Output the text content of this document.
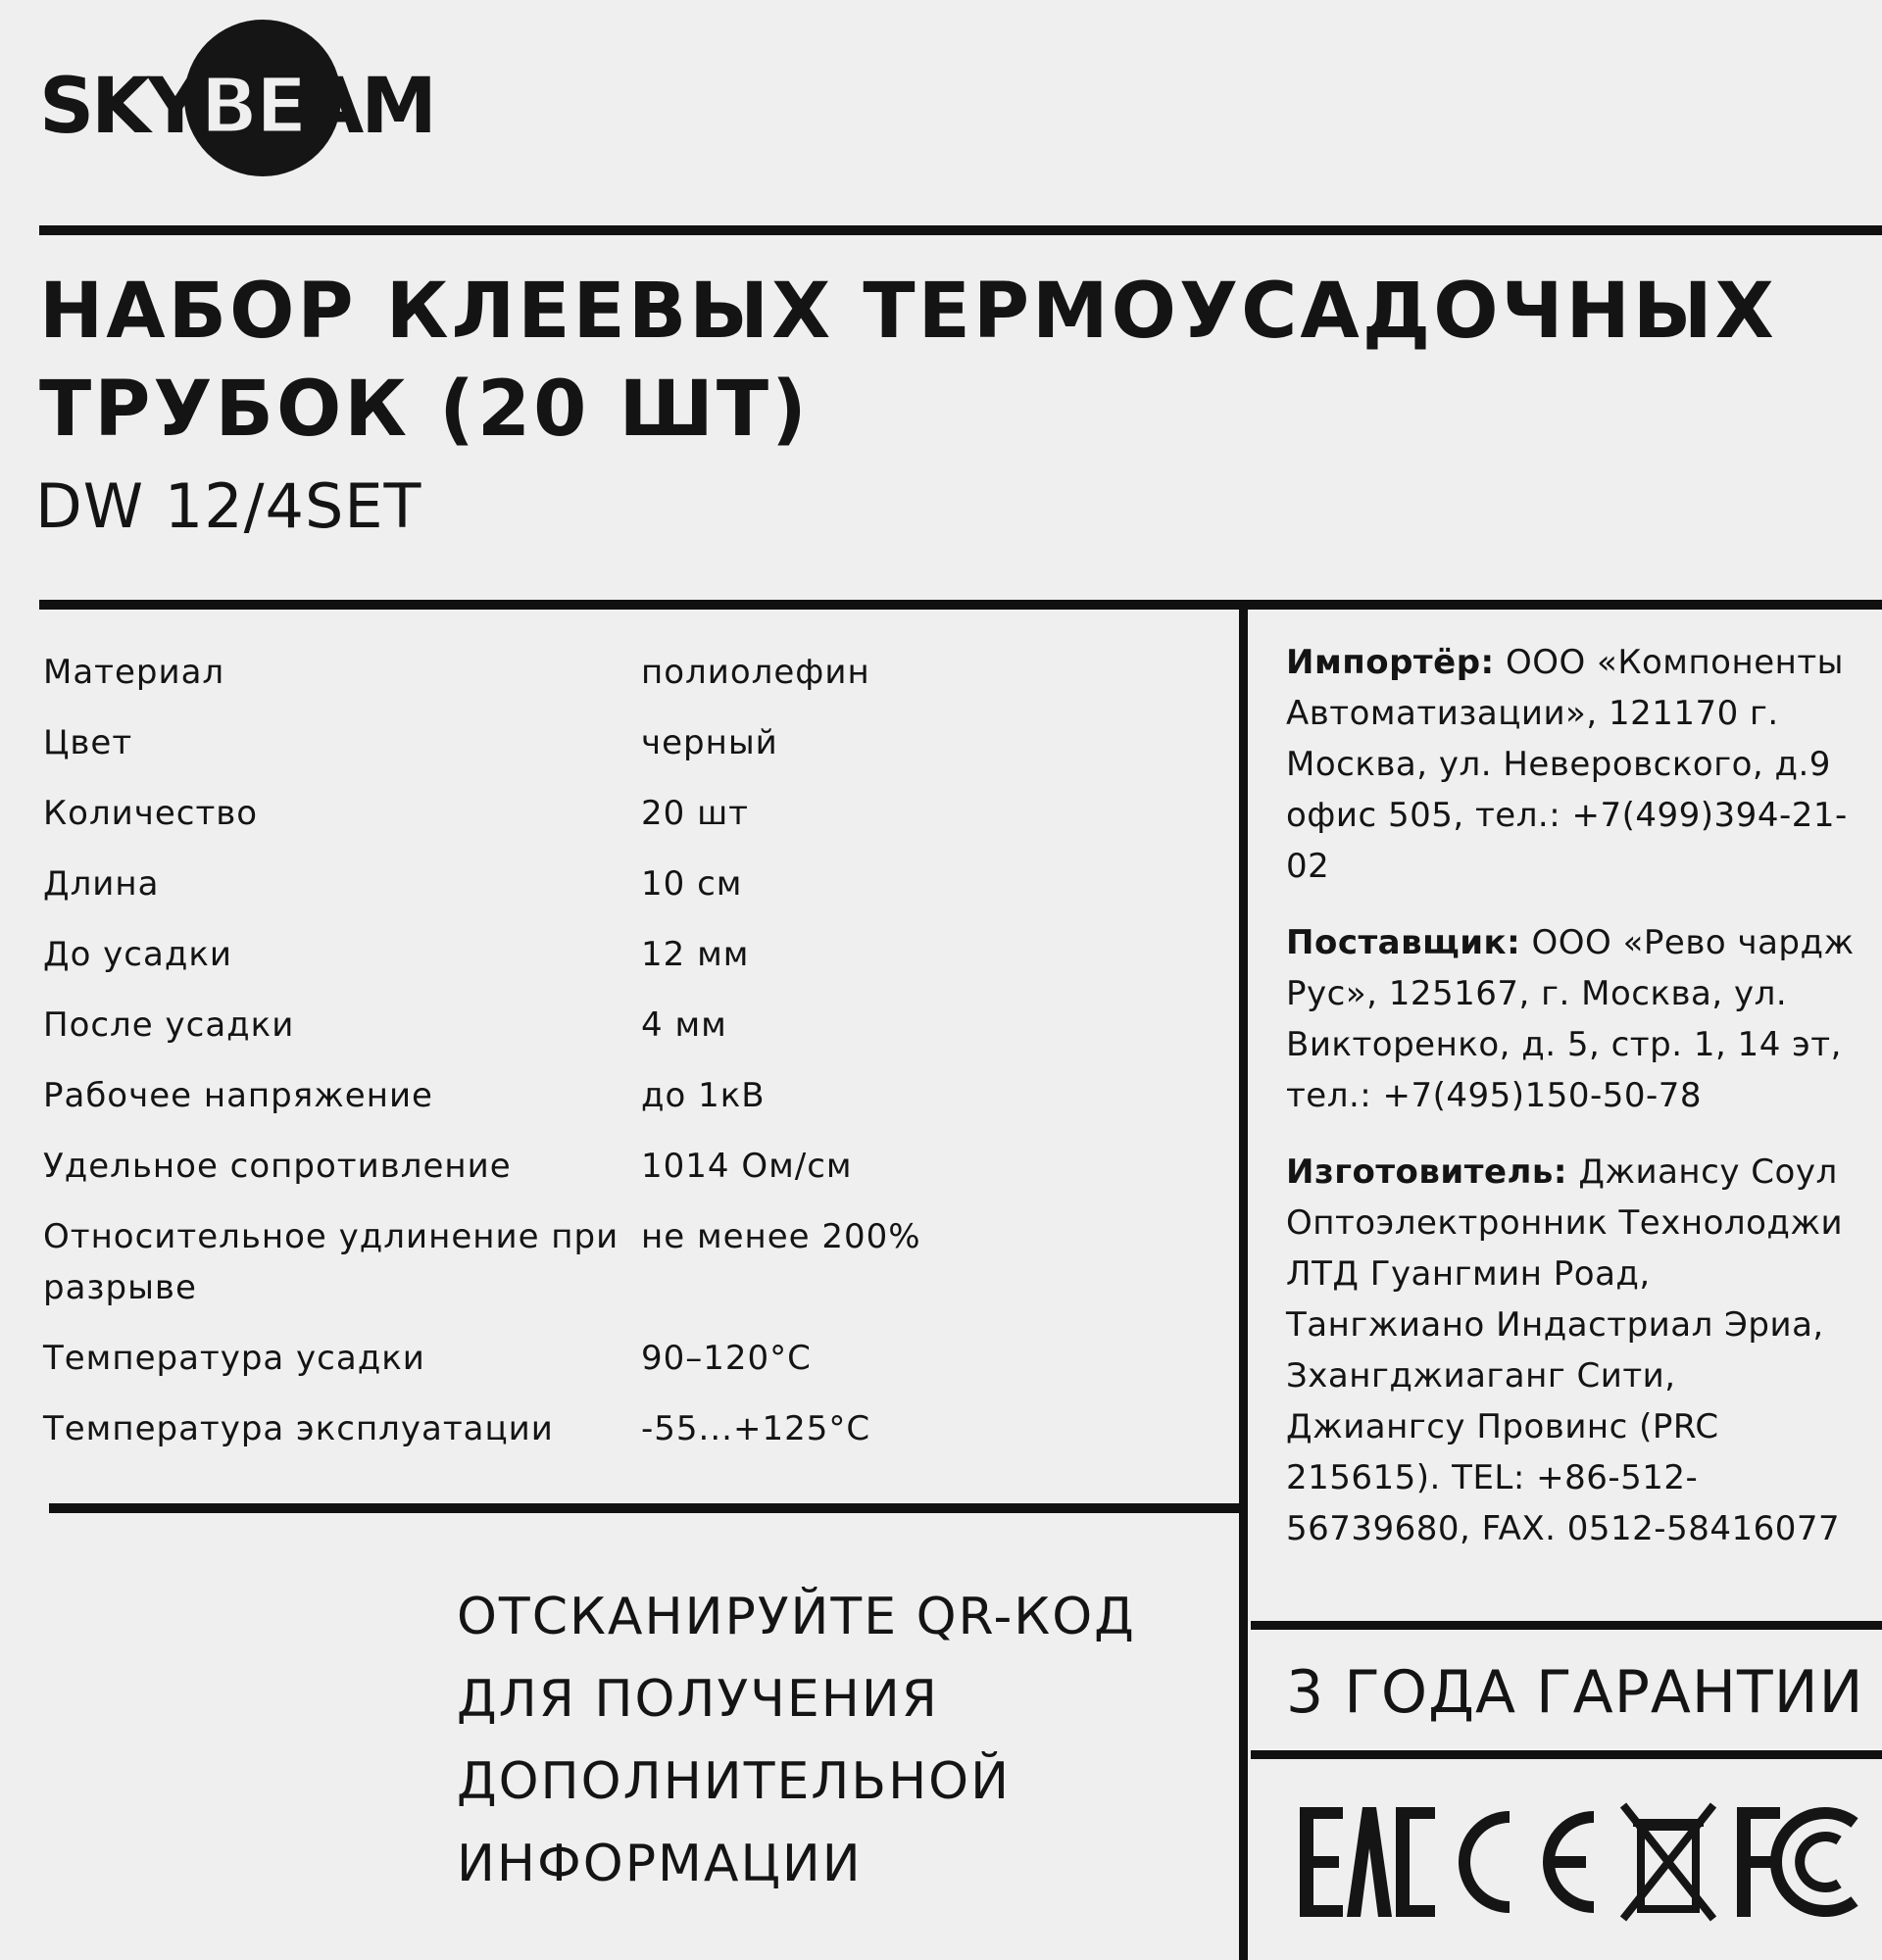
SKYBEAM
НАБОР КЛЕЕВЫХ ТЕРМОУСАДОЧНЫХ
ТРУБОК (20 ШТ)
DW 12/4SET
Материал	полиолефин
Цвет	черный
Количество	20 шт
Длина	10 см
До усадки	12 мм
После усадки	4 мм
Рабочее напряжение	до 1кВ
Удельное сопротивление	1014 Ом/см
Относительное удлинение при разрыве	не менее 200%
Температура усадки	90–120°С
Температура эксплуатации	-55...+125°С

Импортёр: ООО «Компоненты Автоматизации», 121170 г. Москва, ул. Неверовского, д.9 офис 505, тел.: +7(499)394-21-02

Поставщик: ООО «Рево чардж Рус», 125167, г. Москва, ул. Викторенко, д. 5, стр. 1, 14 эт, тел.: +7(495)150-50-78

Изготовитель: Джиансу Соул Оптоэлектронник Технолоджи ЛТД Гуангмин Роад, Тангжиано Индастриал Эриа, Зхангджиаганг Сити, Джиангсу Провинс (PRC 215615). TEL: +86-512-56739680, FAX. 0512-58416077

ОТСКАНИРУЙТЕ QR-КОД
ДЛЯ ПОЛУЧЕНИЯ
ДОПОЛНИТЕЛЬНОЙ
ИНФОРМАЦИИ
3 ГОДА ГАРАНТИИ
